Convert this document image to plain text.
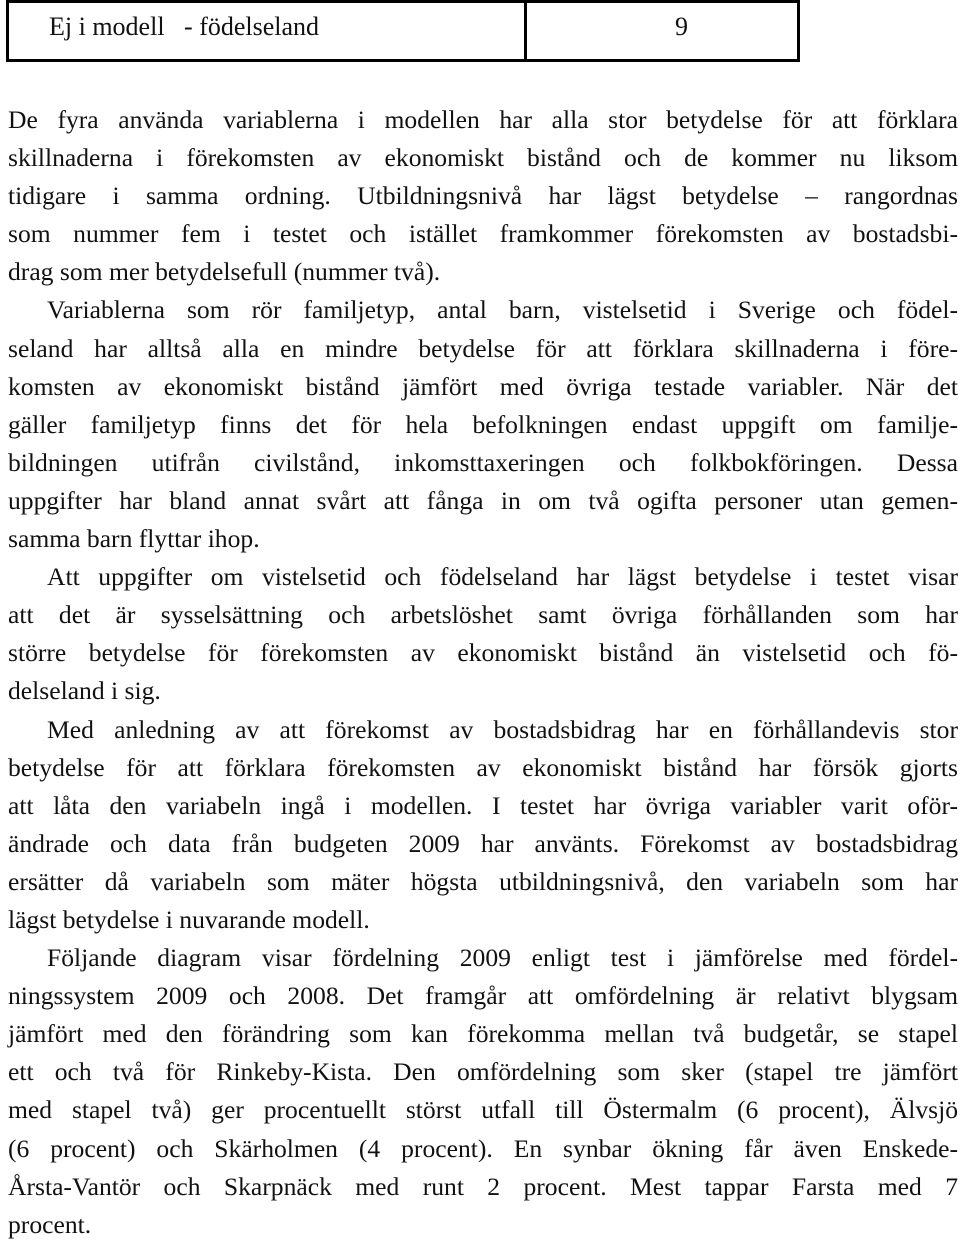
Ej i modell   - födelseland	9

De fyra använda variablerna i modellen har alla stor betydelse för att förklara
skillnaderna i förekomsten av ekonomiskt bistånd och de kommer nu liksom
tidigare i samma ordning. Utbildningsnivå har lägst betydelse – rangordnas
som nummer fem i testet och istället framkommer förekomsten av bostadsbi-
drag som mer betydelsefull (nummer två).

Variablerna som rör familjetyp, antal barn, vistelsetid i Sverige och födel-
seland har alltså alla en mindre betydelse för att förklara skillnaderna i före-
komsten av ekonomiskt bistånd jämfört med övriga testade variabler. När det
gäller familjetyp finns det för hela befolkningen endast uppgift om familje-
bildningen utifrån civilstånd, inkomsttaxeringen och folkbokföringen. Dessa
uppgifter har bland annat svårt att fånga in om två ogifta personer utan gemen-
samma barn flyttar ihop.

Att uppgifter om vistelsetid och födelseland har lägst betydelse i testet visar
att det är sysselsättning och arbetslöshet samt övriga förhållanden som har
större betydelse för förekomsten av ekonomiskt bistånd än vistelsetid och fö-
delseland i sig.

Med anledning av att förekomst av bostadsbidrag har en förhållandevis stor
betydelse för att förklara förekomsten av ekonomiskt bistånd har försök gjorts
att låta den variabeln ingå i modellen. I testet har övriga variabler varit oför-
ändrade och data från budgeten 2009 har använts. Förekomst av bostadsbidrag
ersätter då variabeln som mäter högsta utbildningsnivå, den variabeln som har
lägst betydelse i nuvarande modell.

Följande diagram visar fördelning 2009 enligt test i jämförelse med fördel-
ningssystem 2009 och 2008. Det framgår att omfördelning är relativt blygsam
jämfört med den förändring som kan förekomma mellan två budgetår, se stapel
ett och två för Rinkeby-Kista. Den omfördelning som sker (stapel tre jämfört
med stapel två) ger procentuellt störst utfall till Östermalm (6 procent), Älvsjö
(6 procent) och Skärholmen (4 procent). En synbar ökning får även Enskede-
Årsta-Vantör och Skarpnäck med runt 2 procent. Mest tappar Farsta med 7
procent.
